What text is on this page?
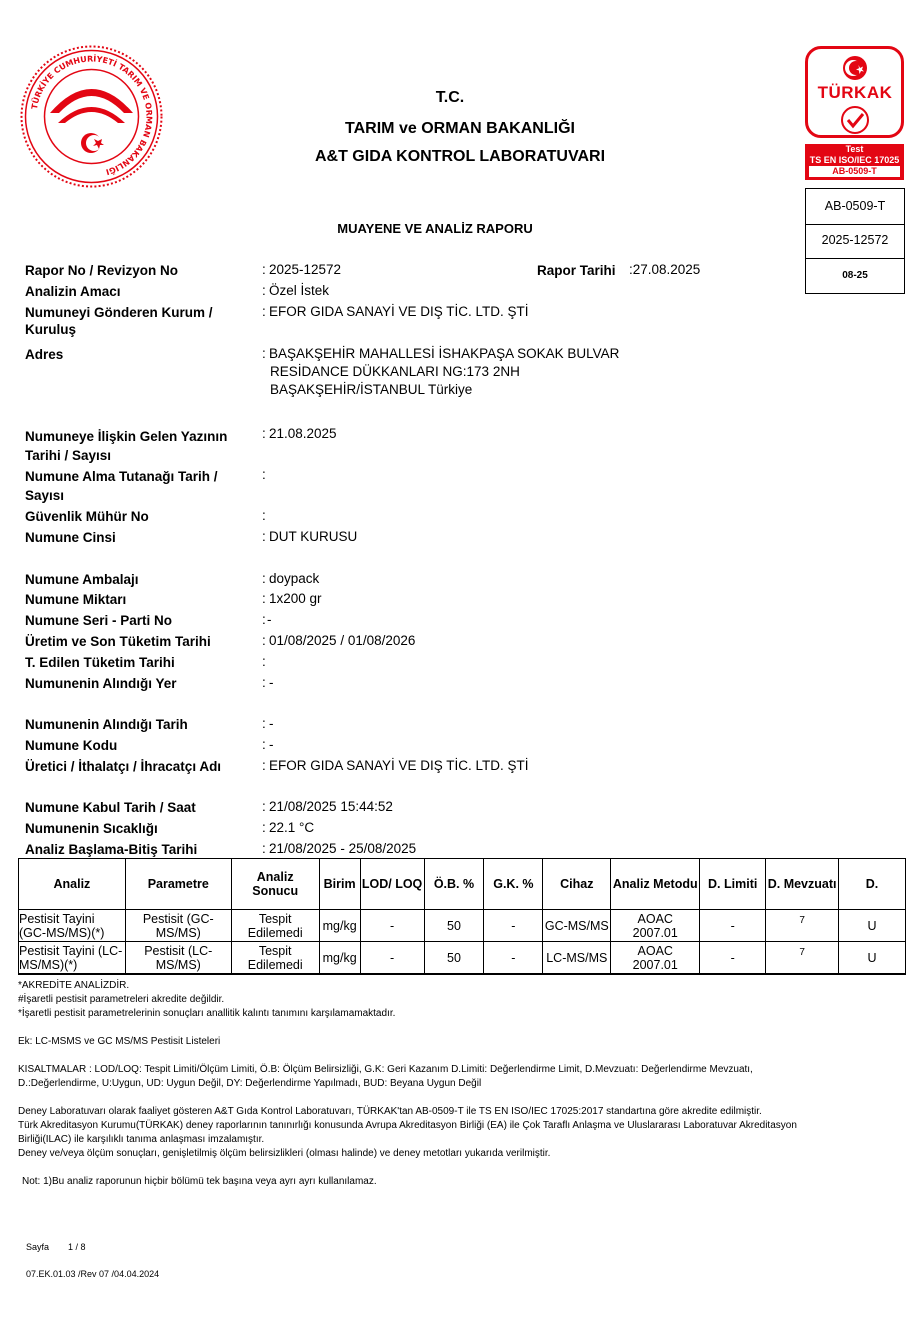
TÜRKİYE CUMHURİYETİ TARIM VE ORMAN BAKANLIĞI
T.C.
TARIM ve ORMAN BAKANLIĞI
A&T GIDA KONTROL LABORATUVARI
TÜRKAK
Test
TS EN ISO/IEC 17025
AB-0509-T
AB-0509-T
2025-12572
08-25
MUAYENE VE ANALİZ RAPORU
Rapor No / Revizyon No	: 2025-12572	Rapor Tarihi :27.08.2025
Analizin Amacı	: Özel İstek
Numuneyi Gönderen Kurum /
Kuruluş
: EFOR GIDA SANAYİ VE DIŞ TİC. LTD. ŞTİ
Adres	: BAŞAKŞEHİR MAHALLESİ İSHAKPAŞA SOKAK BULVAR
RESİDANCE DÜKKANLARI NG:173 2NH
BAŞAKŞEHİR/İSTANBUL Türkiye
Numuneye İlişkin Gelen Yazının
Tarihi / Sayısı
: 21.08.2025
Numune Alma Tutanağı Tarih /
Sayısı
:
Güvenlik Mühür No	:
Numune Cinsi	: DUT KURUSU
Numune Ambalajı	: doypack
Numune Miktarı	: 1x200 gr
Numune Seri - Parti No	: -
Üretim ve Son Tüketim Tarihi	: 01/08/2025 / 01/08/2026
T. Edilen Tüketim Tarihi	:
Numunenin Alındığı Yer	: -
Numunenin Alındığı Tarih	: -
Numune Kodu	: -
Üretici / İthalatçı / İhracatçı Adı	: EFOR GIDA SANAYİ VE DIŞ TİC. LTD. ŞTİ
Numune Kabul Tarih / Saat	: 21/08/2025 15:44:52
Numunenin Sıcaklığı	: 22.1 °C
Analiz Başlama-Bitiş Tarihi	: 21/08/2025 - 25/08/2025
Analiz	Parametre	Analiz Sonucu	Birim	LOD/ LOQ	Ö.B. %	G.K. %	Cihaz	Analiz Metodu	D. Limiti	D. Mevzuatı	D.
Pestisit Tayini (GC-MS/MS)(*)	Pestisit (GC-MS/MS)	Tespit Edilemedi	mg/kg	-	50	-	GC-MS/MS	AOAC 2007.01	-	7	U
Pestisit Tayini (LC-MS/MS)(*)	Pestisit (LC-MS/MS)	Tespit Edilemedi	mg/kg	-	50	-	LC-MS/MS	AOAC 2007.01	-	7	U
*AKREDİTE ANALİZDİR.
#İşaretli pestisit parametreleri akredite değildir.
*İşaretli pestisit parametrelerinin sonuçları anallitik kalıntı tanımını karşılamamaktadır.
Ek: LC-MSMS ve GC MS/MS Pestisit Listeleri
KISALTMALAR : LOD/LOQ: Tespit Limiti/Ölçüm Limiti, Ö.B: Ölçüm Belirsizliği, G.K: Geri Kazanım D.Limiti: Değerlendirme Limit, D.Mevzuatı: Değerlendirme Mevzuatı,
D.:Değerlendirme, U:Uygun, UD: Uygun Değil, DY: Değerlendirme Yapılmadı, BUD: Beyana Uygun Değil
Deney Laboratuvarı olarak faaliyet gösteren A&T Gıda Kontrol Laboratuvarı, TÜRKAK'tan AB-0509-T ile TS EN ISO/IEC 17025:2017 standartına göre akredite edilmiştir.
Türk Akreditasyon Kurumu(TÜRKAK) deney raporlarının tanınırlığı konusunda Avrupa Akreditasyon Birliği (EA) ile Çok Taraflı Anlaşma ve Uluslararası Laboratuvar Akreditasyon
Birliği(ILAC) ile karşılıklı tanıma anlaşması imzalamıştır.
Deney ve/veya ölçüm sonuçları, genişletilmiş ölçüm belirsizlikleri (olması halinde) ve deney metotları yukarıda verilmiştir.
Not: 1)Bu analiz raporunun hiçbir bölümü tek başına veya ayrı ayrı kullanılamaz.
Sayfa 1 / 8
07.EK.01.03 /Rev 07 /04.04.2024
